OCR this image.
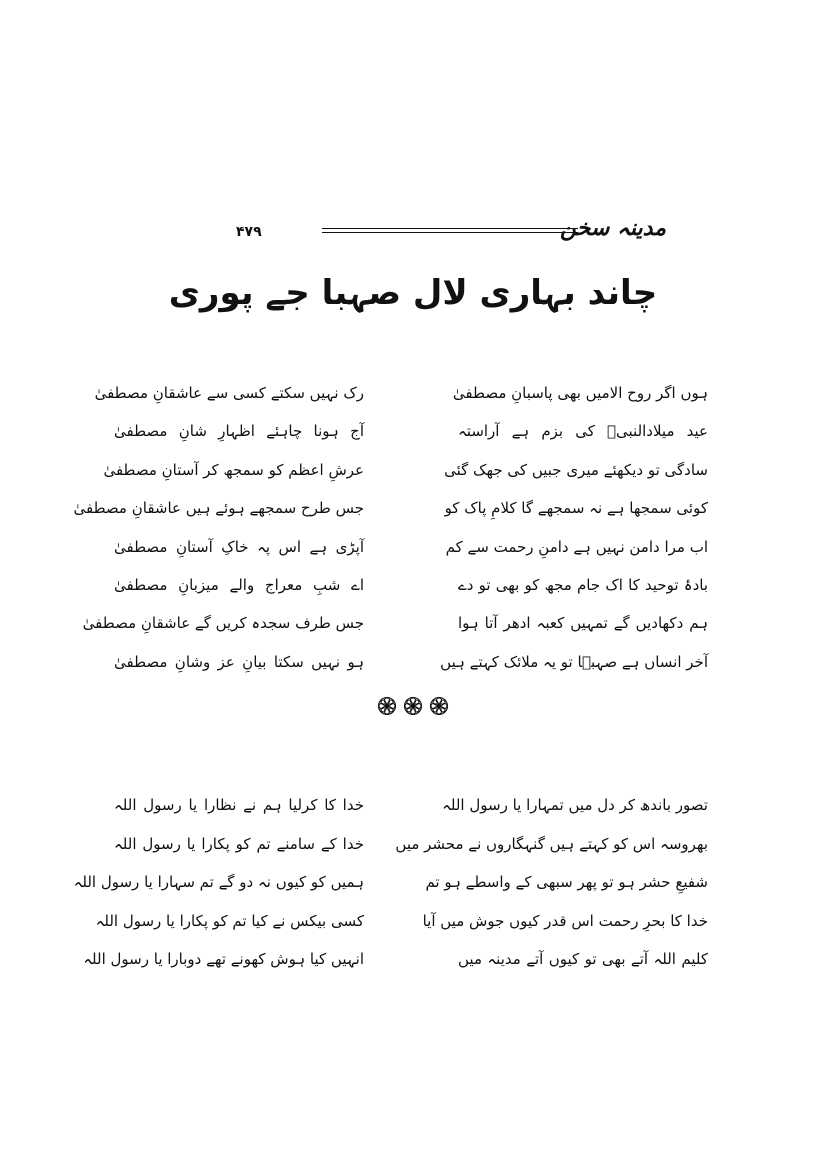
مدینہ سخن
۴۷۹
چاند بہاری لال صہبا جے پوری
ہوں اگر روح الامیں بھی پاسبانِ مصطفیٰ
رک نہیں سکتے کسی سے عاشقانِ مصطفیٰ
عید میلادالنبیؐ کی بزم ہے آراستہ
آج ہونا چاہئے اظہارِ شانِ مصطفیٰ
سادگی تو دیکھئے میری جبیں کی جھک گئی
عرشِ اعظم کو سمجھ کر آستانِ مصطفیٰ
کوئی سمجھا ہے نہ سمجھے گا کلامِ پاک کو
جس طرح سمجھے ہوئے ہیں عاشقانِ مصطفیٰ
اب مرا دامن نہیں ہے دامنِ رحمت سے کم
آپڑی ہے اس پہ خاکِ آستانِ مصطفیٰ
بادۂ توحید کا اک جام مجھ کو بھی تو دے
اے شبِ معراج والے میزبانِ مصطفیٰ
ہم دکھادیں گے تمہیں کعبہ ادھر آتا ہوا
جس طرف سجدہ کریں گے عاشقانِ مصطفیٰ
آخر انساں ہے صہبؔا تو یہ ملائک کہتے ہیں
ہو نہیں سکتا بیانِ عز وشانِ مصطفیٰ
تصور باندھ کر دل میں تمہارا یا رسول اللہ
خدا کا کرلیا ہم نے نظارا یا رسول اللہ
بھروسہ اس کو کہتے ہیں گنہگاروں نے محشر میں
خدا کے سامنے تم کو پکارا یا رسول اللہ
شفیعِ حشر ہو تو پھر سبھی کے واسطے ہو تم
ہمیں کو کیوں نہ دو گے تم سہارا یا رسول اللہ
خدا کا بحرِ رحمت اس قدر کیوں جوش میں آیا
کسی بیکس نے کیا تم کو پکارا یا رسول اللہ
کلیم اللہ آتے بھی تو کیوں آتے مدینہ میں
انہیں کیا ہوش کھونے تھے دوبارا یا رسول اللہ
